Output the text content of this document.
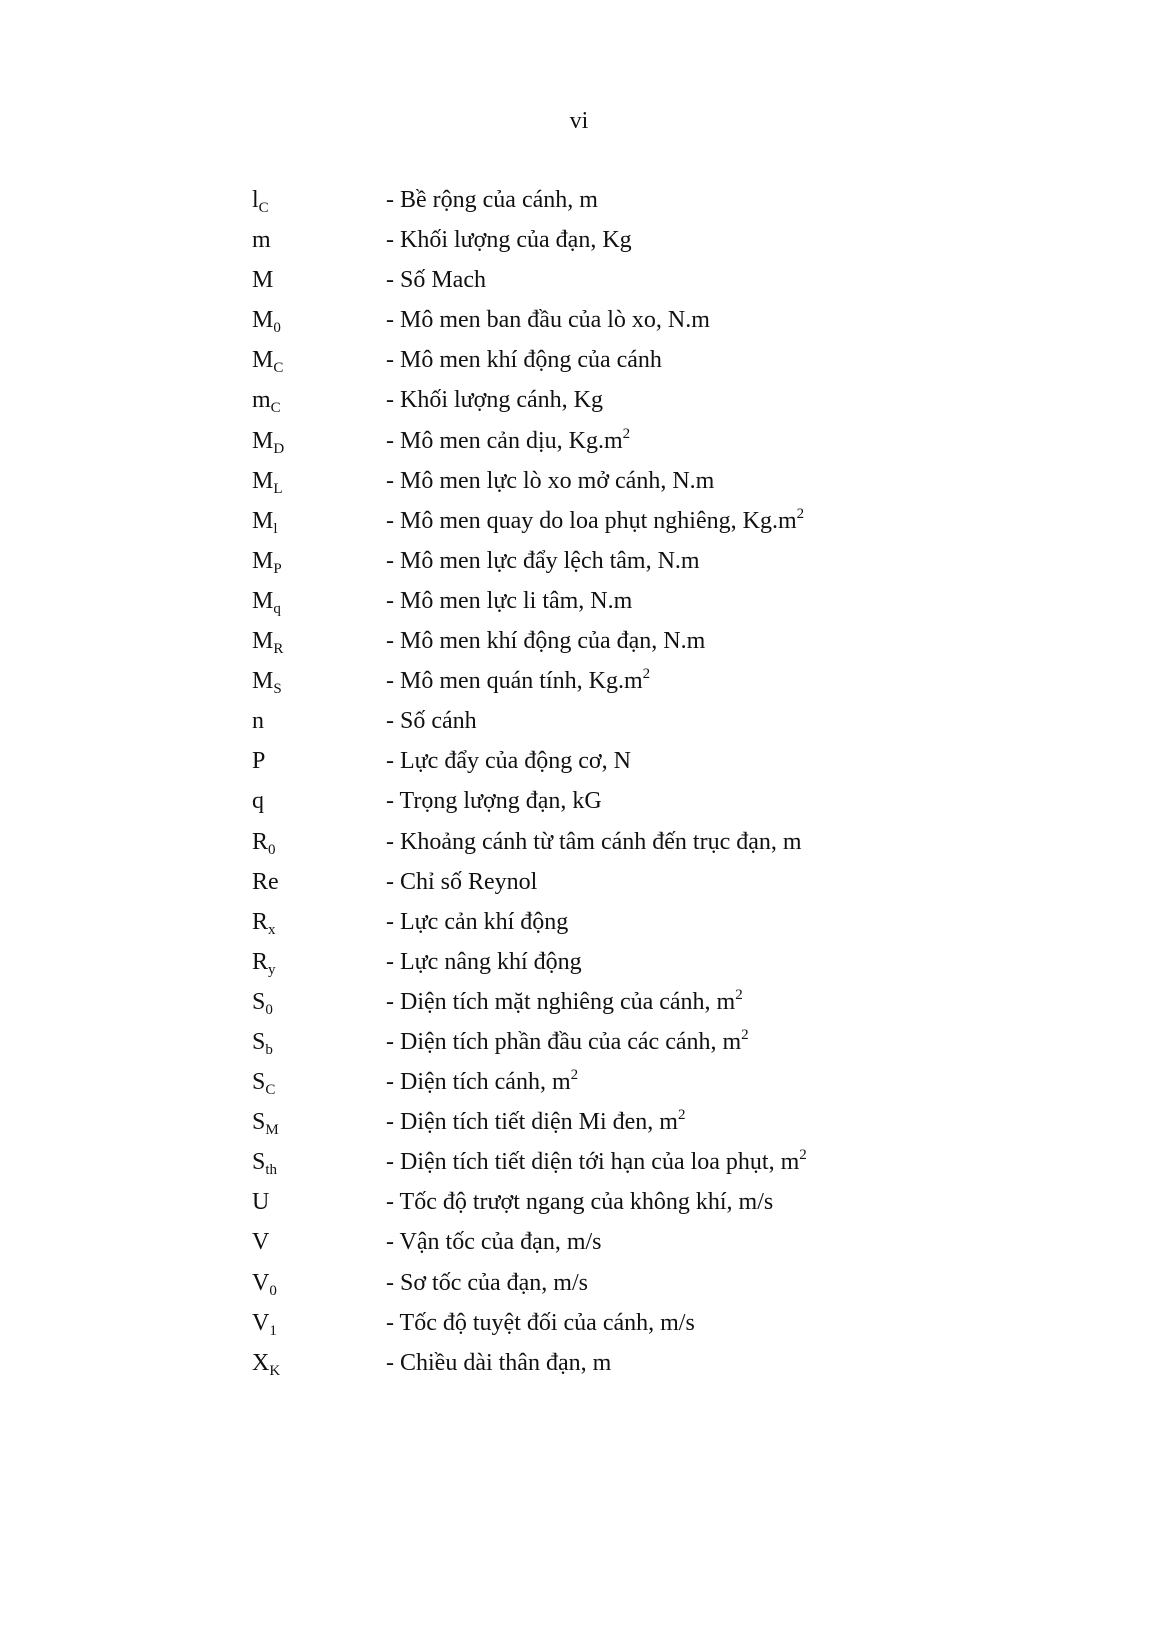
vi
$l_C$	- Bề rộng của cánh, m
m	- Khối lượng của đạn, Kg
M	- Số Mach
$M_0$	- Mô men ban đầu của lò xo, N.m
$M_C$	- Mô men khí động của cánh
$m_C$	- Khối lượng cánh, Kg
$M_D$	- Mô men cản dịu, $Kg.m^2$
$M_L$	- Mô men lực lò xo mở cánh, N.m
$M_l$	- Mô men quay do loa phụt nghiêng, $Kg.m^2$
$M_P$	- Mô men lực đẩy lệch tâm, N.m
$M_q$	- Mô men lực li tâm, N.m
$M_R$	- Mô men khí động của đạn, N.m
$M_S$	- Mô men quán tính, $Kg.m^2$
n	- Số cánh
P	- Lực đẩy của động cơ, N
q	- Trọng lượng đạn, kG
$R_0$	- Khoảng cánh từ tâm cánh đến trục đạn, m
Re	- Chỉ số Reynol
$R_x$	- Lực cản khí động
$R_y$	- Lực nâng khí động
$S_0$	- Diện tích mặt nghiêng của cánh, $m^2$
$S_b$	- Diện tích phần đầu của các cánh, $m^2$
$S_C$	- Diện tích cánh, $m^2$
$S_M$	- Diện tích tiết diện Mi đen, $m^2$
$S_{th}$	- Diện tích tiết diện tới hạn của loa phụt, $m^2$
U	- Tốc độ trượt ngang của không khí, m/s
V	- Vận tốc của đạn, m/s
$V_0$	- Sơ tốc của đạn, m/s
$V_1$	- Tốc độ tuyệt đối của cánh, m/s
$X_K$	- Chiều dài thân đạn, m
